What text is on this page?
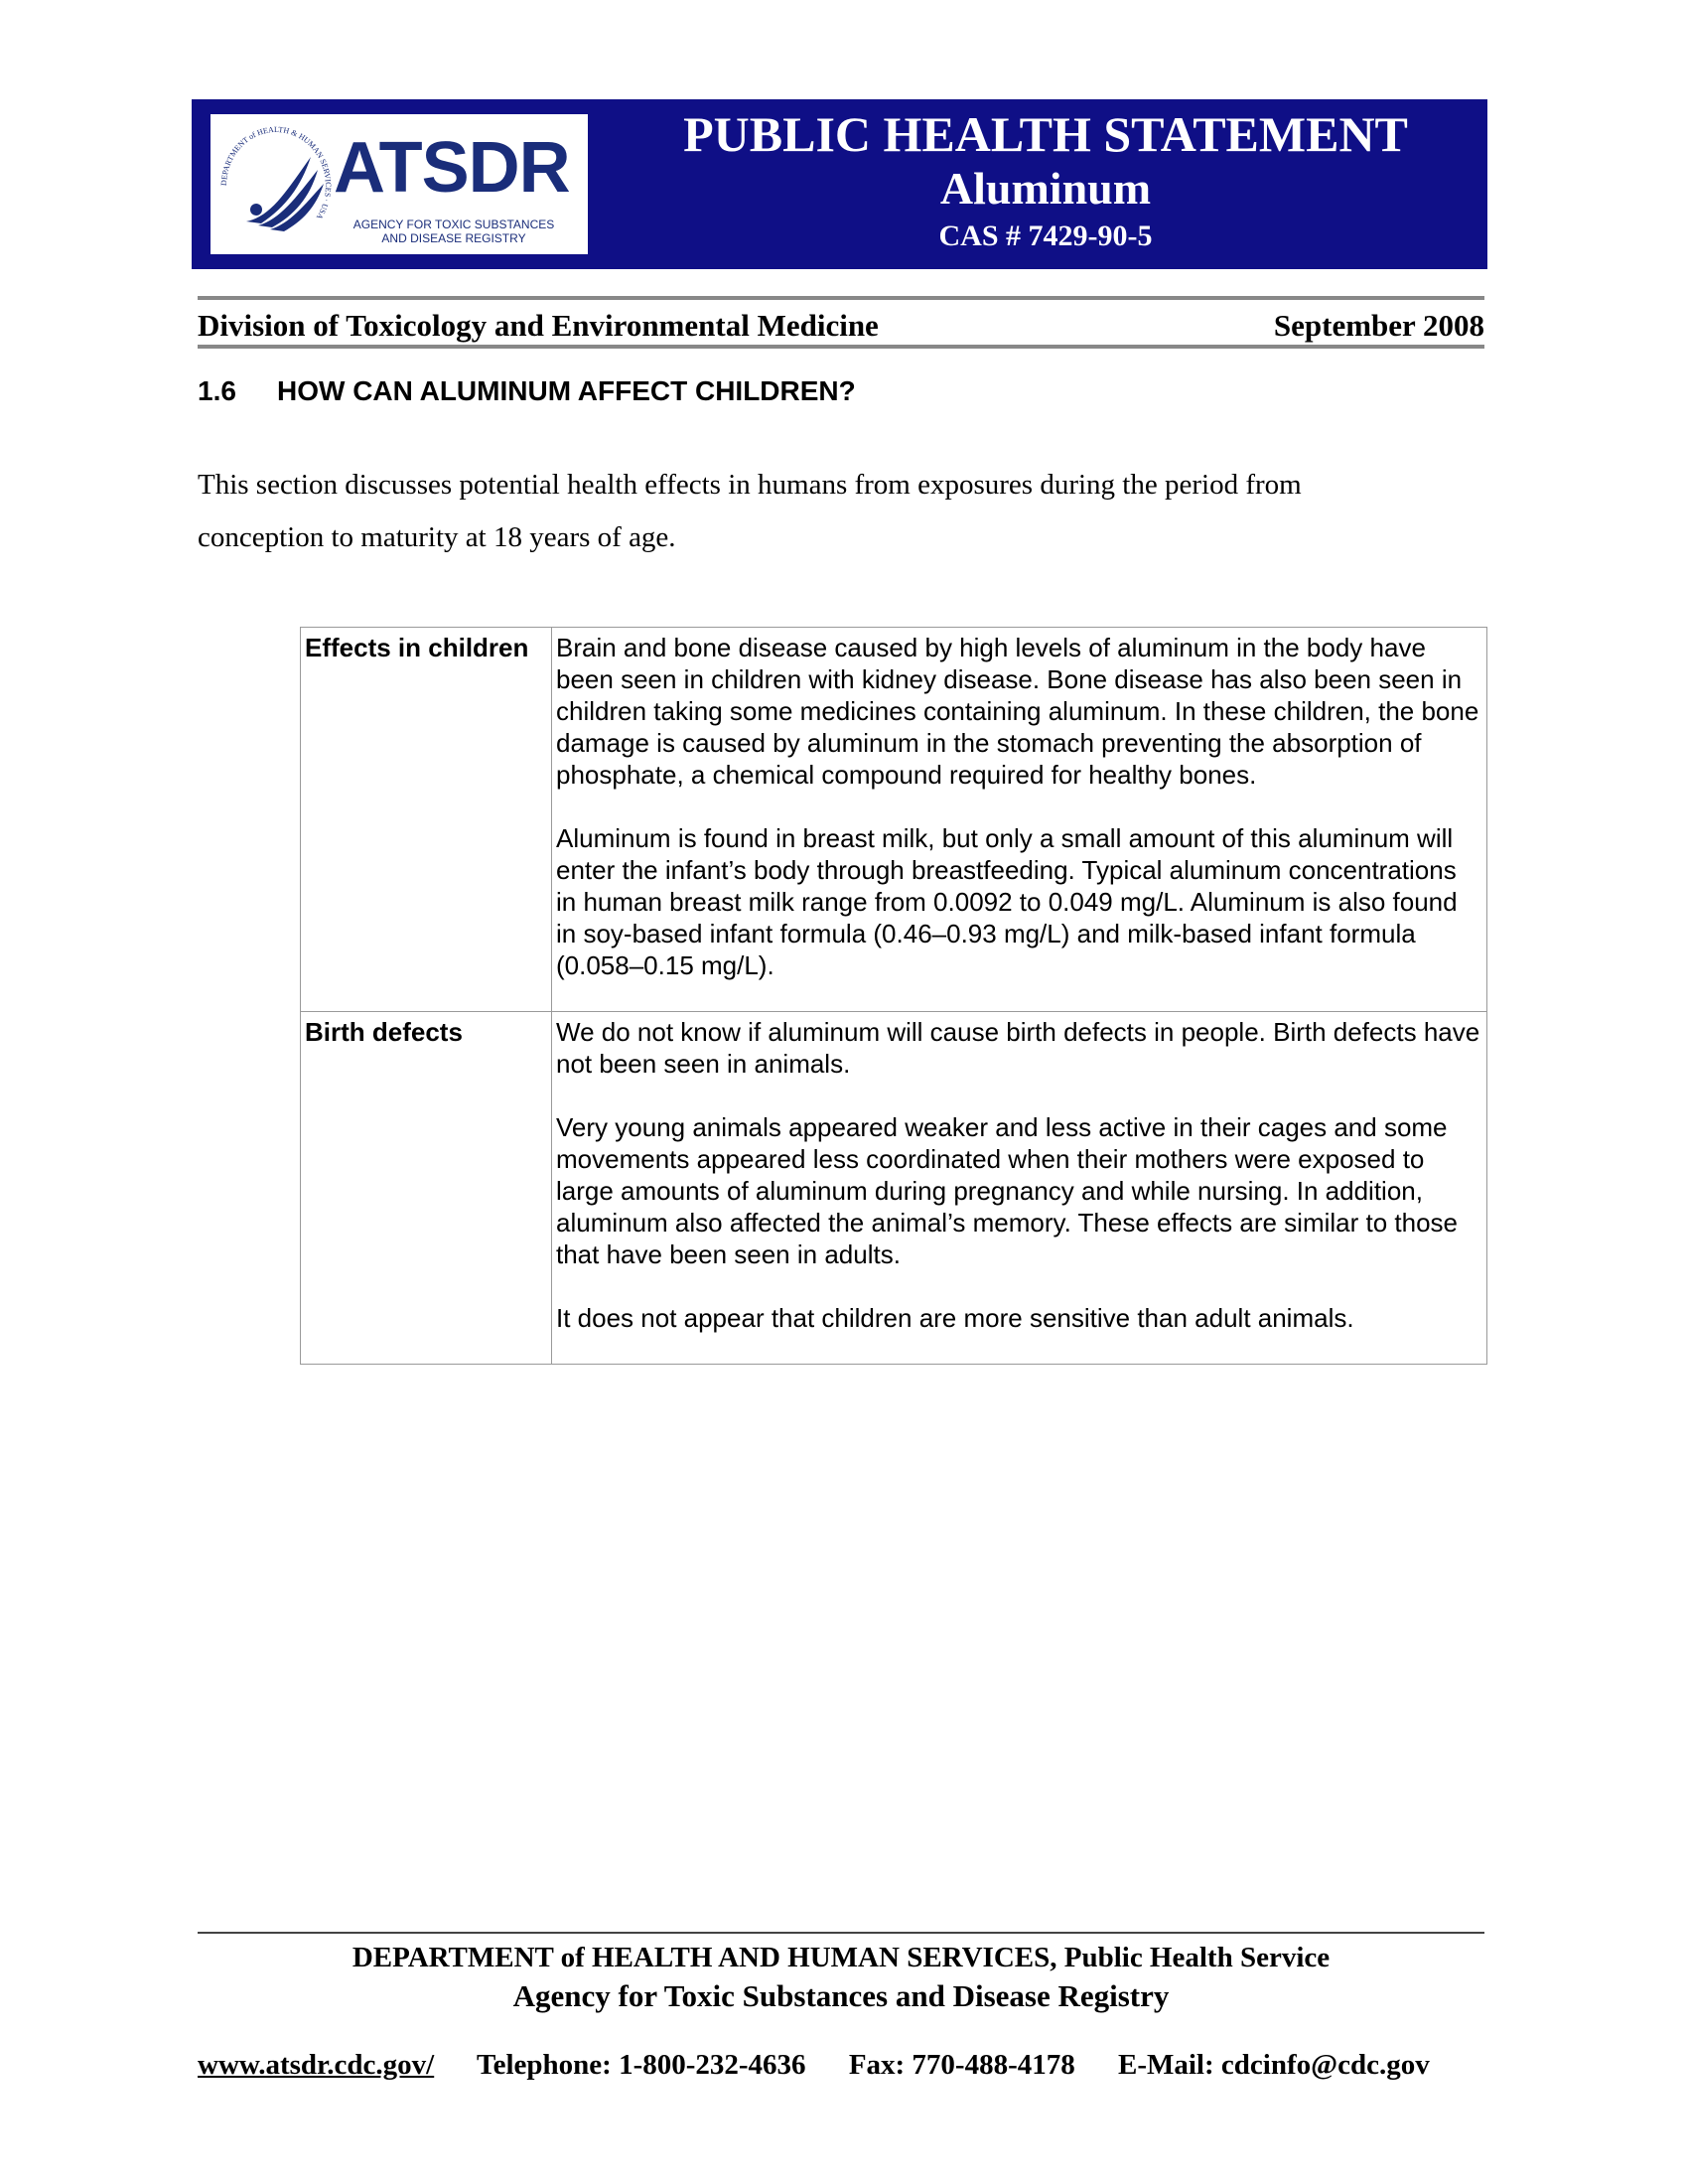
DEPARTMENT of HEALTH & HUMAN SERVICES · USA
ATSDR
AGENCY FOR TOXIC SUBSTANCES
AND DISEASE REGISTRY
PUBLIC HEALTH STATEMENT
Aluminum
CAS # 7429-90-5
Division of Toxicology and Environmental Medicine	September 2008
1.6 HOW CAN ALUMINUM AFFECT CHILDREN?
This section discusses potential health effects in humans from exposures during the period from
conception to maturity at 18 years of age.
Effects in children	Brain and bone disease caused by high levels of aluminum in the body have been seen in children with kidney disease. Bone disease has also been seen in children taking some medicines containing aluminum. In these children, the bone damage is caused by aluminum in the stomach preventing the absorption of phosphate, a chemical compound required for healthy bones.

Aluminum is found in breast milk, but only a small amount of this aluminum will enter the infant’s body through breastfeeding. Typical aluminum concentrations in human breast milk range from 0.0092 to 0.049 mg/L. Aluminum is also found in soy-based infant formula (0.46–0.93 mg/L) and milk-based infant formula (0.058–0.15 mg/L).

Birth defects	We do not know if aluminum will cause birth defects in people. Birth defects have not been seen in animals.

Very young animals appeared weaker and less active in their cages and some movements appeared less coordinated when their mothers were exposed to large amounts of aluminum during pregnancy and while nursing. In addition, aluminum also affected the animal’s memory. These effects are similar to those that have been seen in adults.

It does not appear that children are more sensitive than adult animals.

DEPARTMENT of HEALTH AND HUMAN SERVICES, Public Health Service
Agency for Toxic Substances and Disease Registry
www.atsdr.cdc.gov/ Telephone: 1-800-232-4636 Fax: 770-488-4178 E-Mail: cdcinfo@cdc.gov
